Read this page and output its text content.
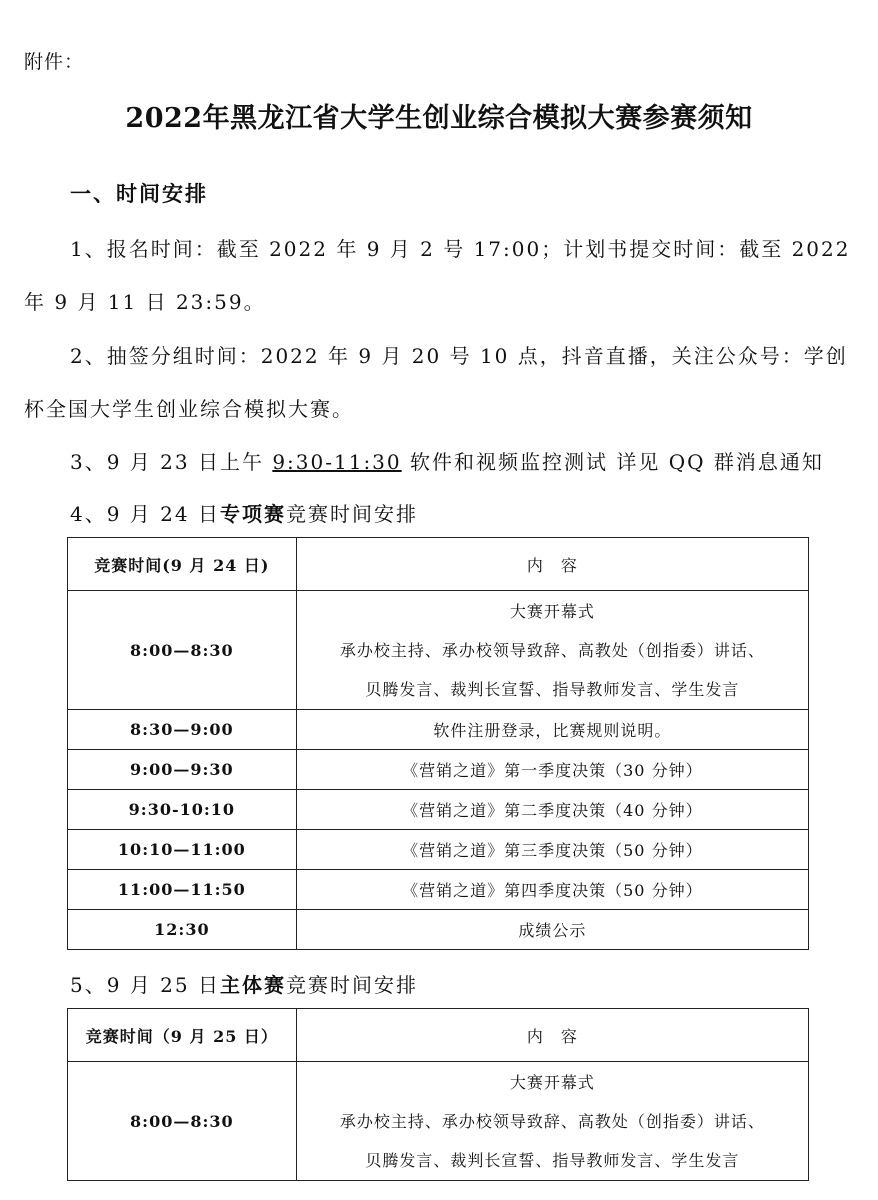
附件：
2022年黑龙江省大学生创业综合模拟大赛参赛须知
一、时间安排
1、报名时间：截至 2022 年 9 月 2 号 17:00；计划书提交时间：截至 2022
年 9 月 11 日 23:59。
2、抽签分组时间：2022 年 9 月 20 号 10 点，抖音直播，关注公众号：学创
杯全国大学生创业综合模拟大赛。
3、9 月 23 日上午 9:30-11:30 软件和视频监控测试 详见 QQ 群消息通知
4、9 月 24 日专项赛竞赛时间安排
竞赛时间(9 月 24 日)	内　容
8:00—8:30	大赛开幕式
承办校主持、承办校领导致辞、高教处（创指委）讲话、
贝腾发言、裁判长宣誓、指导教师发言、学生发言

8:30—9:00	软件注册登录，比赛规则说明。
9:00—9:30	《营销之道》第一季度决策（30 分钟）
9:30-10:10	《营销之道》第二季度决策（40 分钟）
10:10—11:00	《营销之道》第三季度决策（50 分钟）
11:00—11:50	《营销之道》第四季度决策（50 分钟）
12:30	成绩公示
5、9 月 25 日主体赛竞赛时间安排
竞赛时间（9 月 25 日）	内　容
8:00—8:30	大赛开幕式
承办校主持、承办校领导致辞、高教处（创指委）讲话、
贝腾发言、裁判长宣誓、指导教师发言、学生发言
